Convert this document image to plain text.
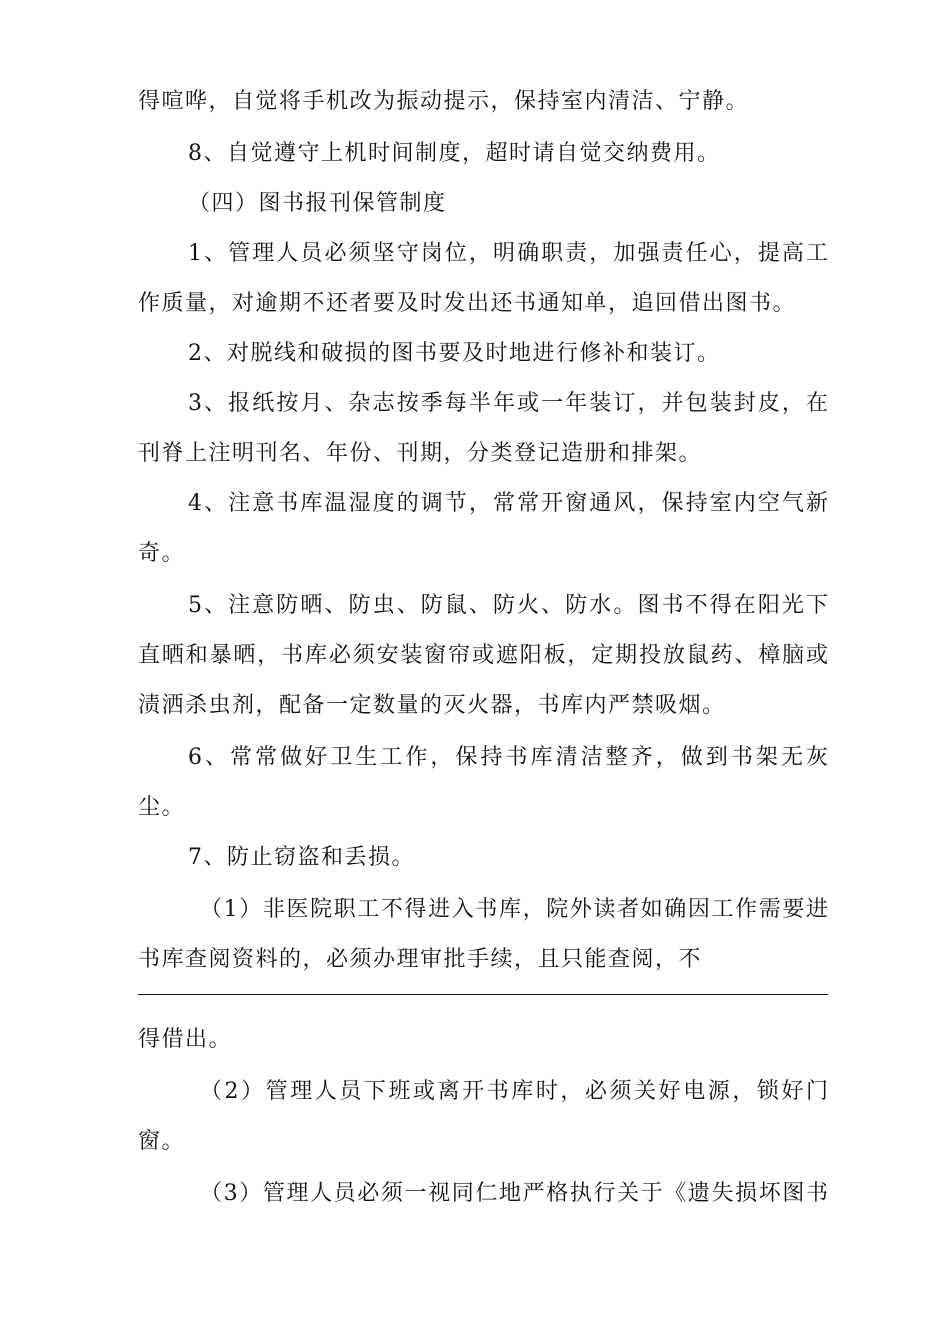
得喧哗，自觉将手机改为振动提示，保持室内清洁、宁静。
8、自觉遵守上机时间制度，超时请自觉交纳费用。
（四）图书报刊保管制度
1、管理人员必须坚守岗位，明确职责，加强责任心，提高工
作质量，对逾期不还者要及时发出还书通知单，追回借出图书。
2、对脱线和破损的图书要及时地进行修补和装订。
3、报纸按月、杂志按季每半年或一年装订，并包装封皮，在
刊脊上注明刊名、年份、刊期，分类登记造册和排架。
4、注意书库温湿度的调节，常常开窗通风，保持室内空气新
奇。
5、注意防晒、防虫、防鼠、防火、防水。图书不得在阳光下
直晒和暴晒，书库必须安装窗帘或遮阳板，定期投放鼠药、樟脑或
渍洒杀虫剂，配备一定数量的灭火器，书库内严禁吸烟。
6、常常做好卫生工作，保持书库清洁整齐，做到书架无灰
尘。
7、防止窃盗和丢损。
（1）非医院职工不得进入书库，院外读者如确因工作需要进
书库查阅资料的，必须办理审批手续，且只能查阅，不
得借出。
（2）管理人员下班或离开书库时，必须关好电源，锁好门
窗。
（3）管理人员必须一视同仁地严格执行关于《遗失损坏图书
